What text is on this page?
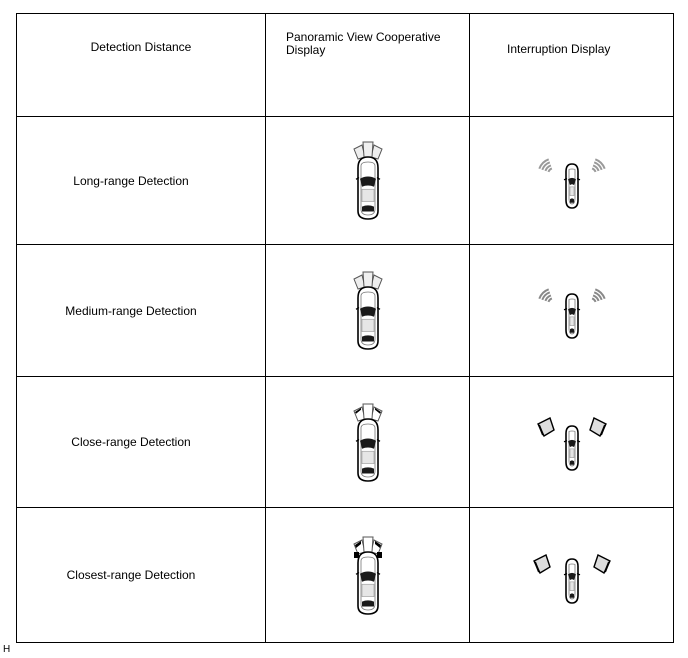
Detection Distance	Panoramic View Cooperative Display	Interruption Display

Long-range Detection

Medium-range Detection

Close-range Detection

Closest-range Detection

H
